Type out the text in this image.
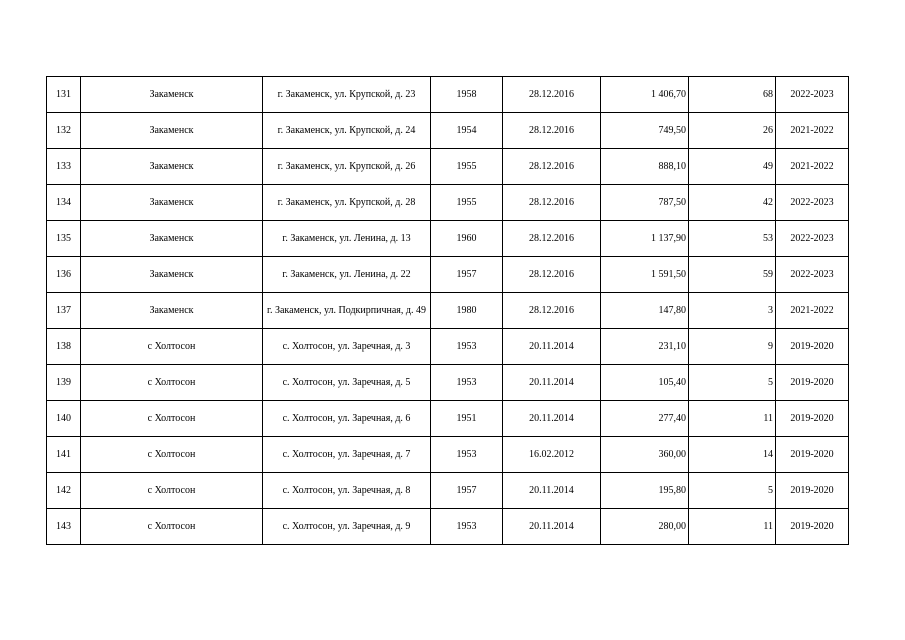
131	Закаменск	г. Закаменск, ул. Крупской, д. 23	1958	28.12.2016	1 406,70	68	2022-2023
132	Закаменск	г. Закаменск, ул. Крупской, д. 24	1954	28.12.2016	749,50	26	2021-2022
133	Закаменск	г. Закаменск, ул. Крупской, д. 26	1955	28.12.2016	888,10	49	2021-2022
134	Закаменск	г. Закаменск, ул. Крупской, д. 28	1955	28.12.2016	787,50	42	2022-2023
135	Закаменск	г. Закаменск, ул. Ленина, д. 13	1960	28.12.2016	1 137,90	53	2022-2023
136	Закаменск	г. Закаменск, ул. Ленина, д. 22	1957	28.12.2016	1 591,50	59	2022-2023
137	Закаменск	г. Закаменск, ул. Подкирпичная, д. 49	1980	28.12.2016	147,80	3	2021-2022
138	с Холтосон	с. Холтосон, ул. Заречная, д. 3	1953	20.11.2014	231,10	9	2019-2020
139	с Холтосон	с. Холтосон, ул. Заречная, д. 5	1953	20.11.2014	105,40	5	2019-2020
140	с Холтосон	с. Холтосон, ул. Заречная, д. 6	1951	20.11.2014	277,40	11	2019-2020
141	с Холтосон	с. Холтосон, ул. Заречная, д. 7	1953	16.02.2012	360,00	14	2019-2020
142	с Холтосон	с. Холтосон, ул. Заречная, д. 8	1957	20.11.2014	195,80	5	2019-2020
143	с Холтосон	с. Холтосон, ул. Заречная, д. 9	1953	20.11.2014	280,00	11	2019-2020
